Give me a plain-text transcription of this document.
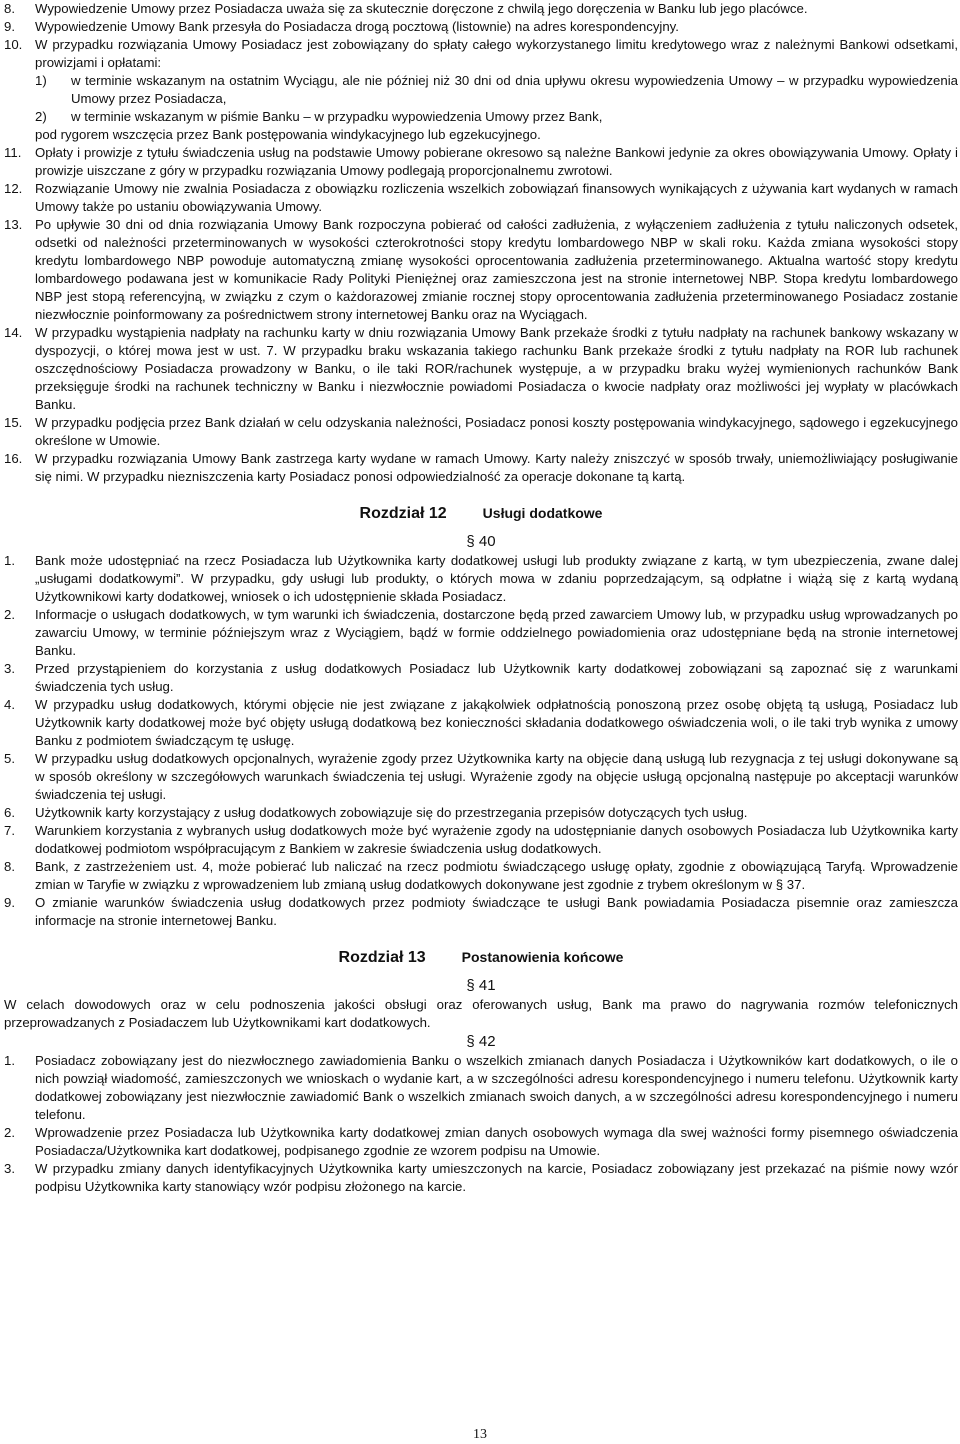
8.	Wypowiedzenie Umowy przez Posiadacza uważa się za skutecznie doręczone z chwilą jego doręczenia w Banku lub jego placówce.
9.	Wypowiedzenie Umowy Bank przesyła do Posiadacza drogą pocztową (listownie) na adres korespondencyjny.
10. W przypadku rozwiązania Umowy Posiadacz jest zobowiązany do spłaty całego wykorzystanego limitu kredytowego wraz z należnymi Bankowi odsetkami, prowizjami i opłatami:
1)	w terminie wskazanym na ostatnim Wyciągu, ale nie później niż 30 dni od dnia upływu okresu wypowiedzenia Umowy – w przypadku wypowiedzenia Umowy przez Posiadacza,
2)	w terminie wskazanym w piśmie Banku – w przypadku wypowiedzenia Umowy przez Bank,
pod rygorem wszczęcia przez Bank postępowania windykacyjnego lub egzekucyjnego.
11.	Opłaty i prowizje z tytułu świadczenia usług na podstawie Umowy pobierane okresowo są należne Bankowi jedynie za okres obowiązywania Umowy. Opłaty i prowizje uiszczane z góry w przypadku rozwiązania Umowy podlegają proporcjonalnemu zwrotowi.
12. Rozwiązanie Umowy nie zwalnia Posiadacza z obowiązku rozliczenia wszelkich zobowiązań finansowych wynikających z używania kart wydanych w ramach Umowy także po ustaniu obowiązywania Umowy.
13. Po upływie 30 dni od dnia rozwiązania Umowy Bank rozpoczyna pobierać od całości zadłużenia, z wyłączeniem zadłużenia z tytułu naliczonych odsetek, odsetki od należności przeterminowanych w wysokości czterokrotności stopy kredytu lombardowego NBP w skali roku. Każda zmiana wysokości stopy kredytu lombardowego NBP powoduje automatyczną zmianę wysokości oprocentowania zadłużenia przeterminowanego. Aktualna wartość stopy kredytu lombardowego podawana jest w komunikacie Rady Polityki Pieniężnej oraz zamieszczona jest na stronie internetowej NBP. Stopa kredytu lombardowego NBP jest stopą referencyjną, w związku z czym o każdorazowej zmianie rocznej stopy oprocentowania zadłużenia przeterminowanego Posiadacz zostanie niezwłocznie poinformowany za pośrednictwem strony internetowej Banku oraz na Wyciągach.
14. W przypadku wystąpienia nadpłaty na rachunku karty w dniu rozwiązania Umowy Bank przekaże środki z tytułu nadpłaty na rachunek bankowy wskazany w dyspozycji, o której mowa jest w ust. 7. W przypadku braku wskazania takiego rachunku Bank przekaże środki z tytułu nadpłaty na ROR lub rachunek oszczędnościowy Posiadacza prowadzony w Banku, o ile taki ROR/rachunek występuje, a w przypadku braku wyżej wymienionych rachunków Bank przeksięguje środki na rachunek techniczny w Banku i niezwłocznie powiadomi Posiadacza o kwocie nadpłaty oraz możliwości jej wypłaty w placówkach Banku.
15. W przypadku podjęcia przez Bank działań w celu odzyskania należności, Posiadacz ponosi koszty postępowania windykacyjnego, sądowego i egzekucyjnego określone w Umowie.
16. W przypadku rozwiązania Umowy Bank zastrzega karty wydane w ramach Umowy. Karty należy zniszczyć w sposób trwały, uniemożliwiający posługiwanie się nimi. W przypadku niezniszczenia karty Posiadacz ponosi odpowiedzialność za operacje dokonane tą kartą.
Rozdział 12	Usługi dodatkowe
§ 40
1.	Bank może udostępniać na rzecz Posiadacza lub Użytkownika karty dodatkowej usługi lub produkty związane z kartą, w tym ubezpieczenia, zwane dalej „usługami dodatkowymi”. W przypadku, gdy usługi lub produkty, o których mowa w zdaniu poprzedzającym, są odpłatne i wiążą się z kartą wydaną Użytkownikowi karty dodatkowej, wniosek o ich udostępnienie składa Posiadacz.
2.	Informacje o usługach dodatkowych, w tym warunki ich świadczenia, dostarczone będą przed zawarciem Umowy lub, w przypadku usług wprowadzanych po zawarciu Umowy, w terminie późniejszym wraz z Wyciągiem, bądź w formie oddzielnego powiadomienia oraz udostępniane będą na stronie internetowej Banku.
3.	Przed przystąpieniem do korzystania z usług dodatkowych Posiadacz lub Użytkownik karty dodatkowej zobowiązani są zapoznać się z warunkami świadczenia tych usług.
4.	W przypadku usług dodatkowych, którymi objęcie nie jest związane z jakąkolwiek odpłatnością ponoszoną przez osobę objętą tą usługą, Posiadacz lub Użytkownik karty dodatkowej może być objęty usługą dodatkową bez konieczności składania dodatkowego oświadczenia woli, o ile taki tryb wynika z umowy Banku z podmiotem świadczącym tę usługę.
5.	W przypadku usług dodatkowych opcjonalnych, wyrażenie zgody przez Użytkownika karty na objęcie daną usługą lub rezygnacja z tej usługi dokonywane są w sposób określony w szczegółowych warunkach świadczenia tej usługi. Wyrażenie zgody na objęcie usługą opcjonalną następuje po akceptacji warunków świadczenia tej usługi.
6.	Użytkownik karty korzystający z usług dodatkowych zobowiązuje się do przestrzegania przepisów dotyczących tych usług.
7.	Warunkiem korzystania z wybranych usług dodatkowych może być wyrażenie zgody na udostępnianie danych osobowych Posiadacza lub Użytkownika karty dodatkowej podmiotom współpracującym z Bankiem w zakresie świadczenia usług dodatkowych.
8.	Bank, z zastrzeżeniem ust. 4, może pobierać lub naliczać na rzecz podmiotu świadczącego usługę opłaty, zgodnie z obowiązującą Taryfą. Wprowadzenie zmian w Taryfie w związku z wprowadzeniem lub zmianą usług dodatkowych dokonywane jest zgodnie z trybem określonym w § 37.
9.	O zmianie warunków świadczenia usług dodatkowych przez podmioty świadczące te usługi Bank powiadamia Posiadacza pisemnie oraz zamieszcza informacje na stronie internetowej Banku.
Rozdział 13	Postanowienia końcowe
§ 41
W celach dowodowych oraz w celu podnoszenia jakości obsługi oraz oferowanych usług, Bank ma prawo do nagrywania rozmów telefonicznych przeprowadzanych z Posiadaczem lub Użytkownikami kart dodatkowych.
§ 42
1.	Posiadacz zobowiązany jest do niezwłocznego zawiadomienia Banku o wszelkich zmianach danych Posiadacza i Użytkowników kart dodatkowych, o ile o nich powziął wiadomość, zamieszczonych we wnioskach o wydanie kart, a w szczególności adresu korespondencyjnego i numeru telefonu. Użytkownik karty dodatkowej zobowiązany jest niezwłocznie zawiadomić Bank o wszelkich zmianach swoich danych, a w szczególności adresu korespondencyjnego i numeru telefonu.
2.	Wprowadzenie przez Posiadacza lub Użytkownika karty dodatkowej zmian danych osobowych wymaga dla swej ważności formy pisemnego oświadczenia Posiadacza/Użytkownika kart dodatkowej, podpisanego zgodnie ze wzorem podpisu na Umowie.
3.	W przypadku zmiany danych identyfikacyjnych Użytkownika karty umieszczonych na karcie, Posiadacz zobowiązany jest przekazać na piśmie nowy wzór podpisu Użytkownika karty stanowiący wzór podpisu złożonego na karcie.
13
